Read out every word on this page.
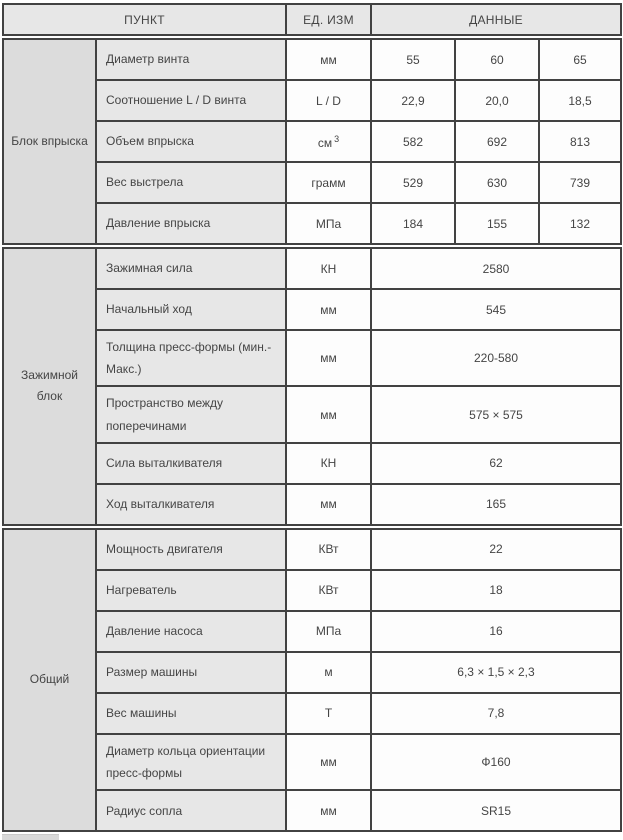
ПУНКТ	ЕД. ИЗМ	ДАННЫЕ
Блок впрыска	Диаметр винта	мм	55	60	65
	Соотношение L / D винта	L / D	22,9	20,0	18,5
	Объем впрыска	см $^3$	582	692	813
	Вес выстрела	грамм	529	630	739
	Давление впрыска	МПа	184	155	132
Зажимной блок	Зажимная сила	КН	2580
	Начальный ход	мм	545
	Толщина пресс-формы (мин.-Макс.)	мм	220-580
	Пространство между поперечинами	мм	575 × 575
	Сила выталкивателя	КН	62
	Ход выталкивателя	мм	165
Общий	Мощность двигателя	КВт	22
	Нагреватель	КВт	18
	Давление насоса	МПа	16
	Размер машины	м	6,3 × 1,5 × 2,3
	Вес машины	Т	7,8
	Диаметр кольца ориентации пресс-формы	мм	Ф160
	Радиус сопла	мм	SR15
